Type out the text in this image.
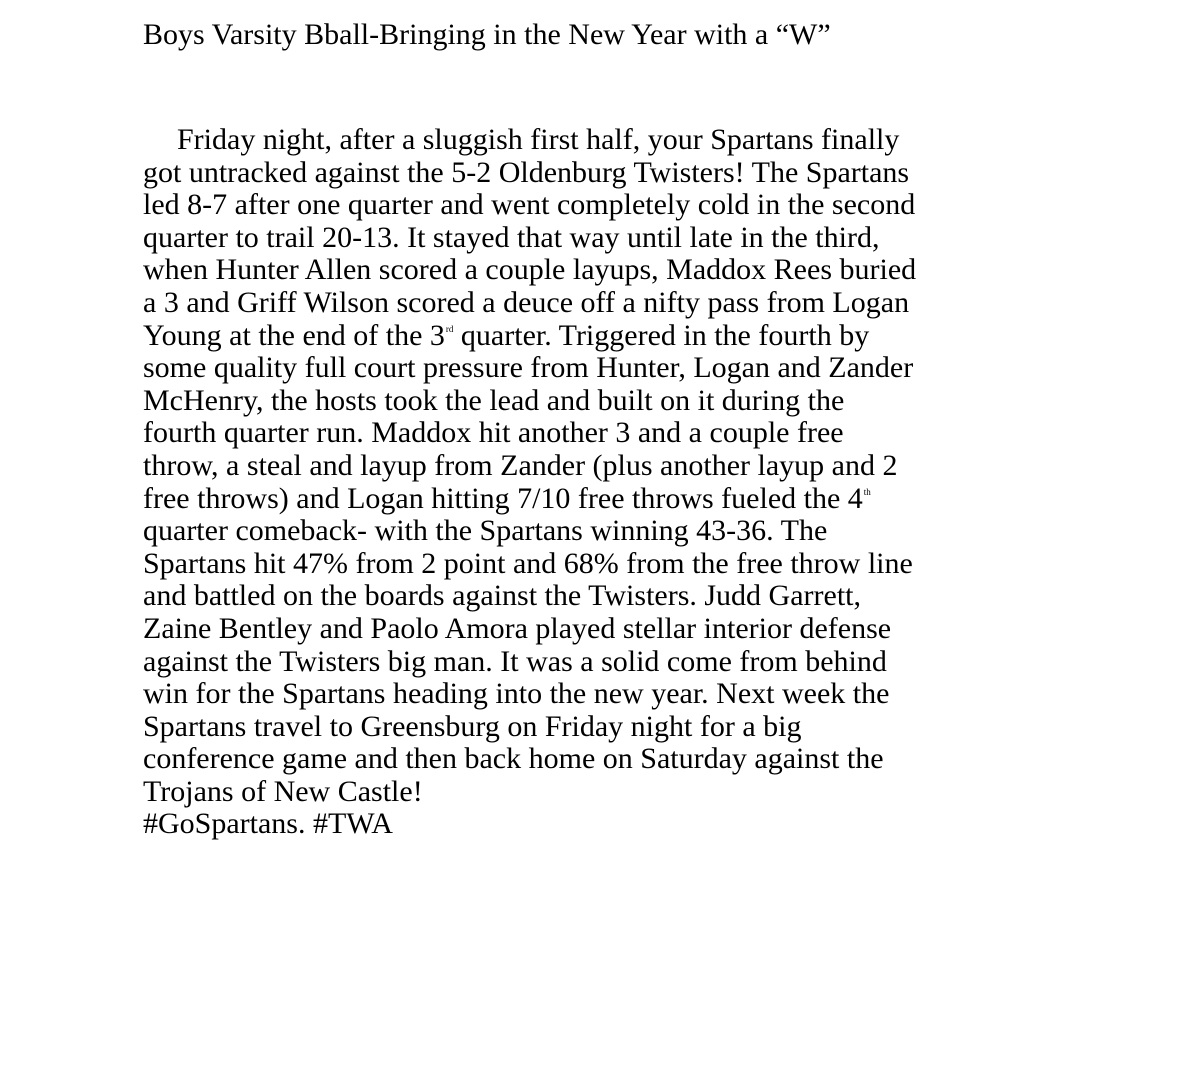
Boys Varsity Bball-Bringing in the New Year with a “W”
Friday night, after a sluggish first half, your Spartans finally
got untracked against the 5-2 Oldenburg Twisters! The Spartans
led 8-7 after one quarter and went completely cold in the second
quarter to trail 20-13. It stayed that way until late in the third,
when Hunter Allen scored a couple layups, Maddox Rees buried
a 3 and Griff Wilson scored a deuce off a nifty pass from Logan
Young at the end of the 3rd quarter. Triggered in the fourth by
some quality full court pressure from Hunter, Logan and Zander
McHenry, the hosts took the lead and built on it during the
fourth quarter run. Maddox hit another 3 and a couple free
throw, a steal and layup from Zander (plus another layup and 2
free throws) and Logan hitting 7/10 free throws fueled the 4th
quarter comeback- with the Spartans winning 43-36. The
Spartans hit 47% from 2 point and 68% from the free throw line
and battled on the boards against the Twisters. Judd Garrett,
Zaine Bentley and Paolo Amora played stellar interior defense
against the Twisters big man. It was a solid come from behind
win for the Spartans heading into the new year. Next week the
Spartans travel to Greensburg on Friday night for a big
conference game and then back home on Saturday against the
Trojans of New Castle!
#GoSpartans. #TWA
